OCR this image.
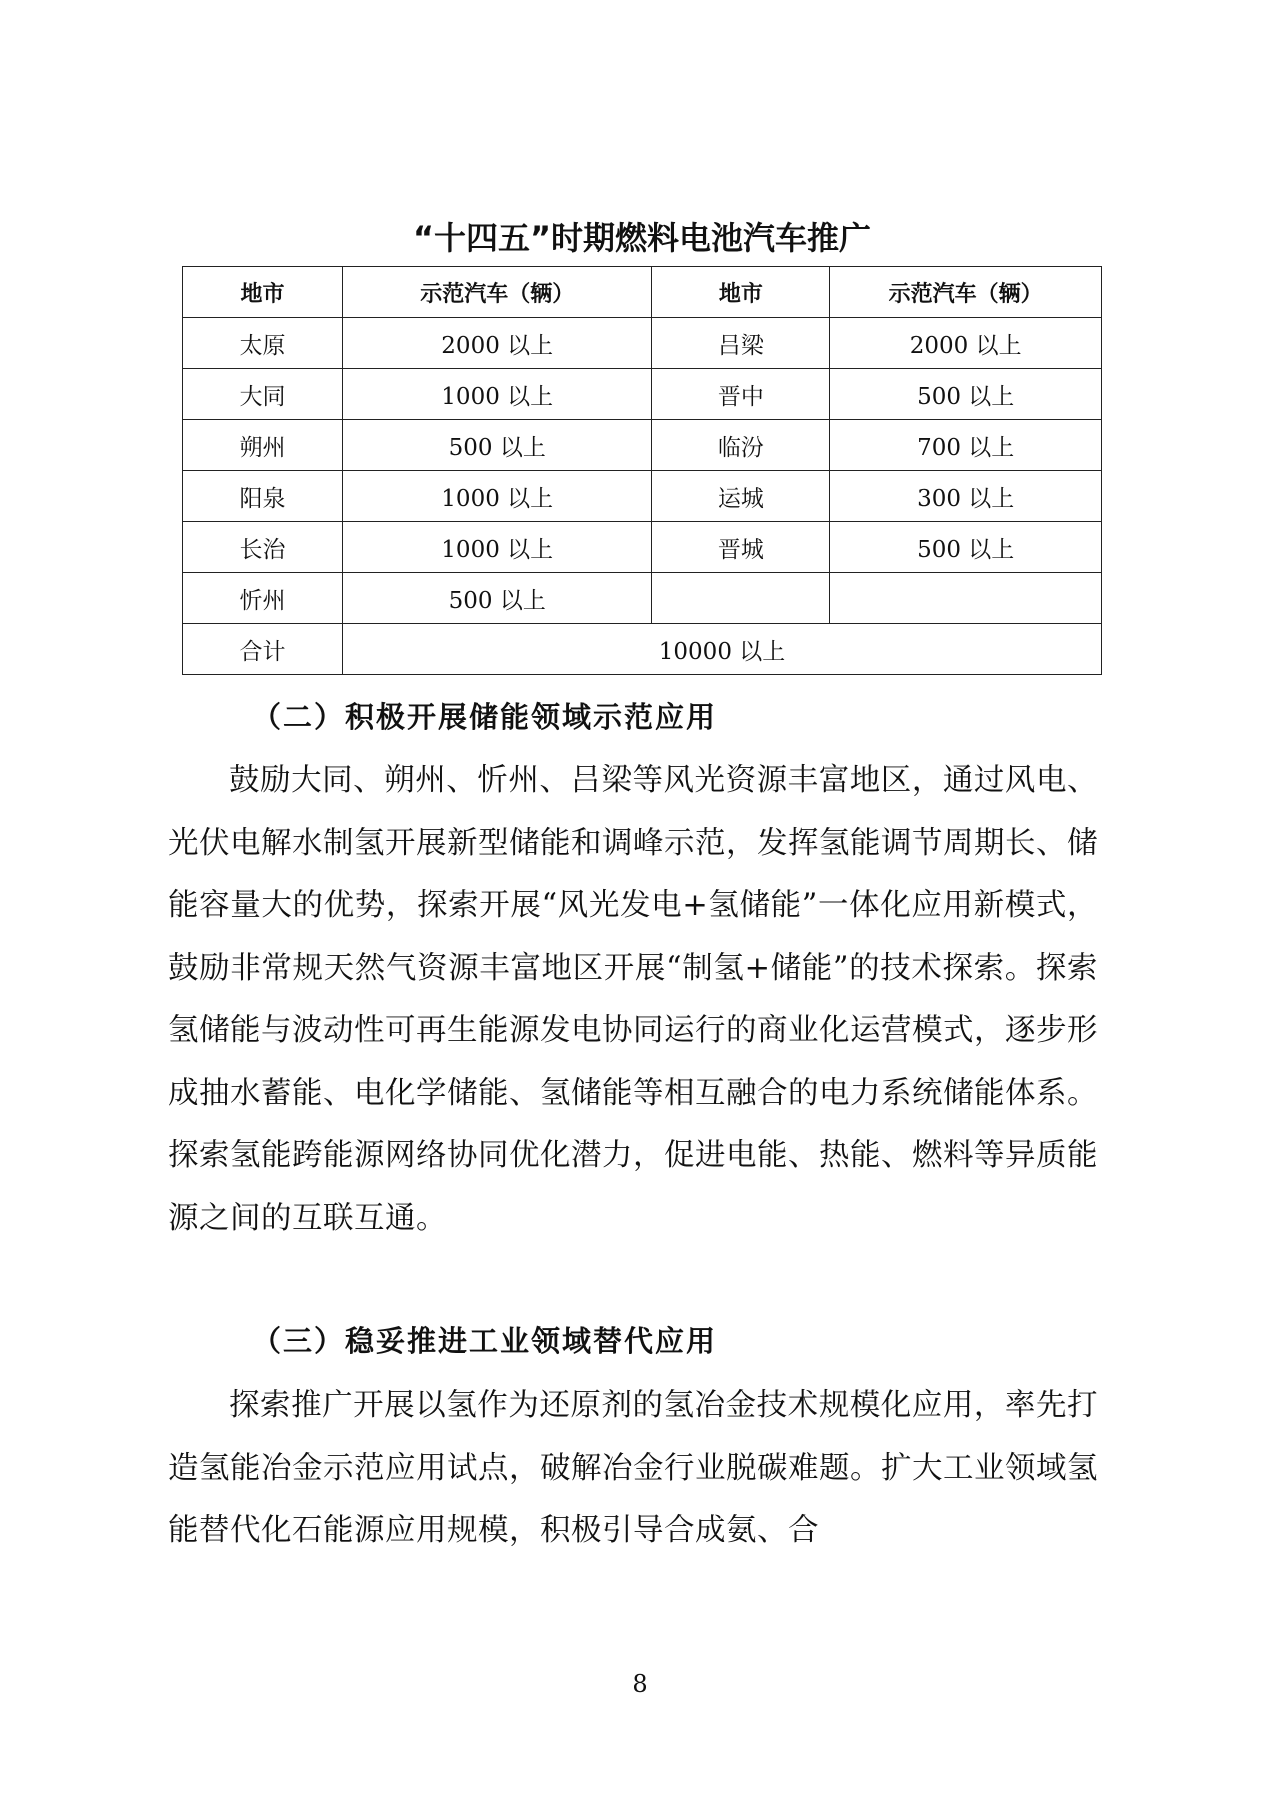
“十四五”时期燃料电池汽车推广
地市	示范汽车（辆）	地市	示范汽车（辆）
太原	2000 以上	吕梁	2000 以上
大同	1000 以上	晋中	500 以上
朔州	500 以上	临汾	700 以上
阳泉	1000 以上	运城	300 以上
长治	1000 以上	晋城	500 以上
忻州	500 以上		
合计	10000 以上		
（二）积极开展储能领域示范应用

鼓励大同、朔州、忻州、吕梁等风光资源丰富地区，通过风电、光伏电解水制氢开展新型储能和调峰示范，发挥氢能调节周期长、储能容量大的优势，探索开展“风光发电+氢储能”一体化应用新模式，鼓励非常规天然气资源丰富地区开展“制氢+储能”的技术探索。探索氢储能与波动性可再生能源发电协同运行的商业化运营模式，逐步形成抽水蓄能、电化学储能、氢储能等相互融合的电力系统储能体系。探索氢能跨能源网络协同优化潜力，促进电能、热能、燃料等异质能源之间的互联互通。

（三）稳妥推进工业领域替代应用

探索推广开展以氢作为还原剂的氢冶金技术规模化应用，率先打造氢能冶金示范应用试点，破解冶金行业脱碳难题。扩大工业领域氢能替代化石能源应用规模，积极引导合成氨、合

8
